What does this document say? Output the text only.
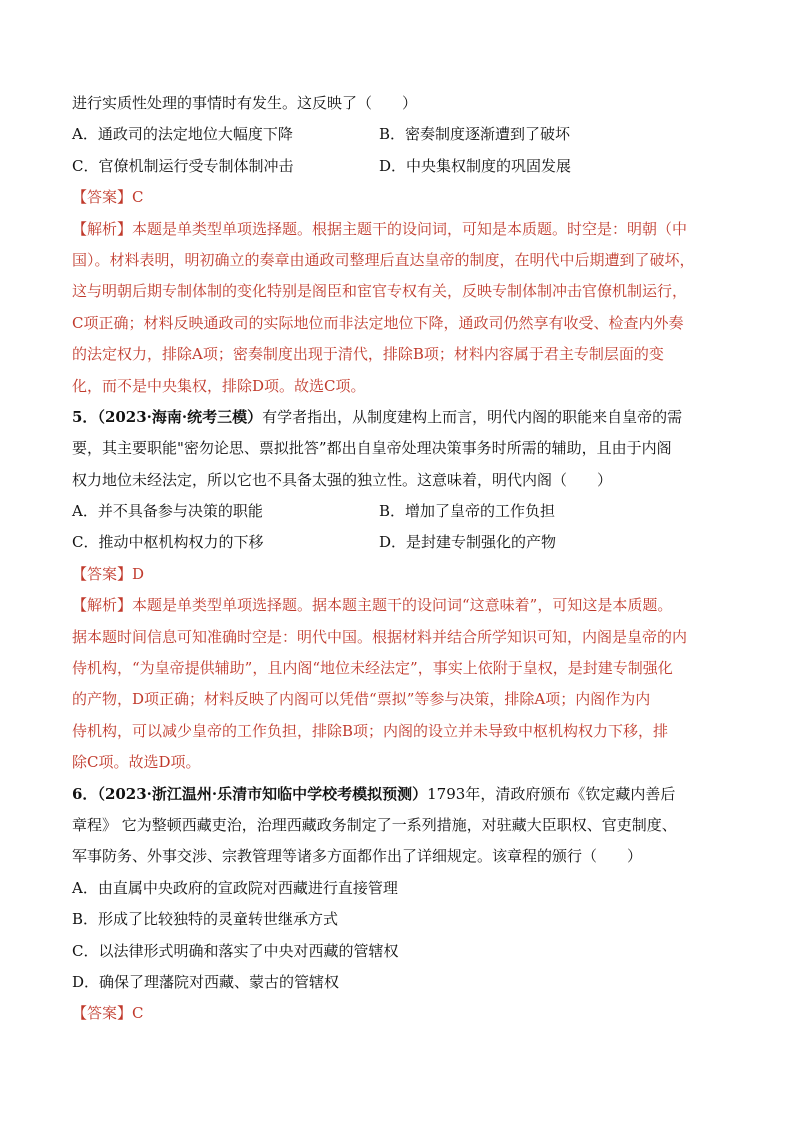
进行实质性处理的事情时有发生。这反映了（　　）
A．通政司的法定地位大幅度下降	B．密奏制度逐渐遭到了破坏
C．官僚机制运行受专制体制冲击	D．中央集权制度的巩固发展
【答案】C
【解析】本题是单类型单项选择题。根据主题干的设问词，可知是本质题。时空是：明朝（中
国）。材料表明，明初确立的奏章由通政司整理后直达皇帝的制度，在明代中后期遭到了破坏，
这与明朝后期专制体制的变化特别是阁臣和宦官专权有关，反映专制体制冲击官僚机制运行，
C项正确；材料反映通政司的实际地位而非法定地位下降，通政司仍然享有收受、检查内外奏
的法定权力，排除A项；密奏制度出现于清代，排除B项；材料内容属于君主专制层面的变
化，而不是中央集权，排除D项。故选C项。
5．（2023·海南·统考三模）有学者指出，从制度建构上而言，明代内阁的职能来自皇帝的需
要，其主要职能"密勿论思、票拟批答”都出自皇帝处理决策事务时所需的辅助，且由于内阁
权力地位未经法定，所以它也不具备太强的独立性。这意味着，明代内阁（　　）
A．并不具备参与决策的职能	B．增加了皇帝的工作负担
C．推动中枢机构权力的下移	D．是封建专制强化的产物
【答案】D
【解析】本题是单类型单项选择题。据本题主题干的设问词“这意味着”，可知这是本质题。
据本题时间信息可知准确时空是：明代中国。根据材料并结合所学知识可知，内阁是皇帝的内
侍机构，“为皇帝提供辅助”，且内阁“地位未经法定”，事实上依附于皇权，是封建专制强化
的产物，D项正确；材料反映了内阁可以凭借“票拟”等参与决策，排除A项；内阁作为内
侍机构，可以减少皇帝的工作负担，排除B项；内阁的设立并未导致中枢机构权力下移，排
除C项。故选D项。
6．（2023·浙江温州·乐清市知临中学校考模拟预测）1793年，清政府颁布《钦定藏内善后
章程》 它为整顿西藏吏治，治理西藏政务制定了一系列措施，对驻藏大臣职权、官吏制度、
军事防务、外事交涉、宗教管理等诸多方面都作出了详细规定。该章程的颁行（　　）
A．由直属中央政府的宣政院对西藏进行直接管理
B．形成了比较独特的灵童转世继承方式
C．以法律形式明确和落实了中央对西藏的管辖权
D．确保了理藩院对西藏、蒙古的管辖权
【答案】C
